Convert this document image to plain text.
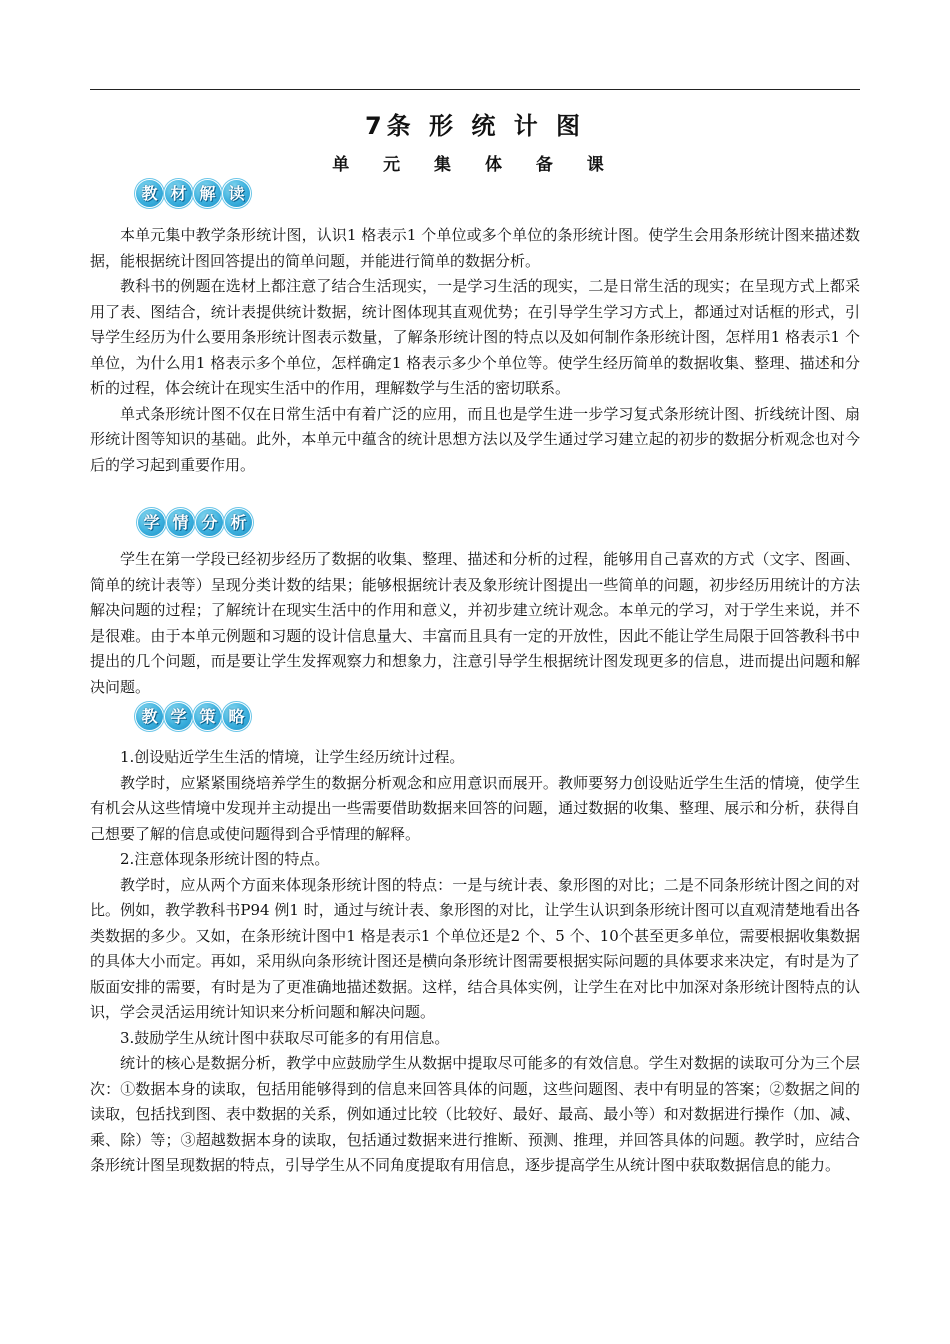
7条 形 统 计 图
单 元 集 体 备 课
教 材 解 读

本单元集中教学条形统计图，认识1 格表示1 个单位或多个单位的条形统计图。使学生会用条形统计图来描述数据，能根据统计图回答提出的简单问题，并能进行简单的数据分析。

教科书的例题在选材上都注意了结合生活现实，一是学习生活的现实，二是日常生活的现实；在呈现方式上都采用了表、图结合，统计表提供统计数据，统计图体现其直观优势；在引导学生学习方式上，都通过对话框的形式，引导学生经历为什么要用条形统计图表示数量，了解条形统计图的特点以及如何制作条形统计图，怎样用1 格表示1 个单位，为什么用1 格表示多个单位，怎样确定1 格表示多少个单位等。使学生经历简单的数据收集、整理、描述和分析的过程，体会统计在现实生活中的作用，理解数学与生活的密切联系。

单式条形统计图不仅在日常生活中有着广泛的应用，而且也是学生进一步学习复式条形统计图、折线统计图、扇形统计图等知识的基础。此外，本单元中蕴含的统计思想方法以及学生通过学习建立起的初步的数据分析观念也对今后的学习起到重要作用。

学 情 分 析

学生在第一学段已经初步经历了数据的收集、整理、描述和分析的过程，能够用自己喜欢的方式（文字、图画、简单的统计表等）呈现分类计数的结果；能够根据统计表及象形统计图提出一些简单的问题，初步经历用统计的方法解决问题的过程；了解统计在现实生活中的作用和意义，并初步建立统计观念。本单元的学习，对于学生来说，并不是很难。由于本单元例题和习题的设计信息量大、丰富而且具有一定的开放性，因此不能让学生局限于回答教科书中提出的几个问题，而是要让学生发挥观察力和想象力，注意引导学生根据统计图发现更多的信息，进而提出问题和解决问题。

教 学 策 略

1.创设贴近学生生活的情境，让学生经历统计过程。

教学时，应紧紧围绕培养学生的数据分析观念和应用意识而展开。教师要努力创设贴近学生生活的情境，使学生有机会从这些情境中发现并主动提出一些需要借助数据来回答的问题，通过数据的收集、整理、展示和分析，获得自己想要了解的信息或使问题得到合乎情理的解释。

2.注意体现条形统计图的特点。

教学时，应从两个方面来体现条形统计图的特点：一是与统计表、象形图的对比；二是不同条形统计图之间的对比。例如，教学教科书P94 例1 时，通过与统计表、象形图的对比，让学生认识到条形统计图可以直观清楚地看出各类数据的多少。又如，在条形统计图中1 格是表示1 个单位还是2 个、5 个、10个甚至更多单位，需要根据收集数据的具体大小而定。再如，采用纵向条形统计图还是横向条形统计图需要根据实际问题的具体要求来决定，有时是为了版面安排的需要，有时是为了更准确地描述数据。这样，结合具体实例，让学生在对比中加深对条形统计图特点的认识，学会灵活运用统计知识来分析问题和解决问题。

3.鼓励学生从统计图中获取尽可能多的有用信息。

统计的核心是数据分析，教学中应鼓励学生从数据中提取尽可能多的有效信息。学生对数据的读取可分为三个层次：①数据本身的读取，包括用能够得到的信息来回答具体的问题，这些问题图、表中有明显的答案；②数据之间的读取，包括找到图、表中数据的关系，例如通过比较（比较好、最好、最高、最小等）和对数据进行操作（加、减、乘、除）等；③超越数据本身的读取，包括通过数据来进行推断、预测、推理，并回答具体的问题。教学时，应结合条形统计图呈现数据的特点，引导学生从不同角度提取有用信息，逐步提高学生从统计图中获取数据信息的能力。
